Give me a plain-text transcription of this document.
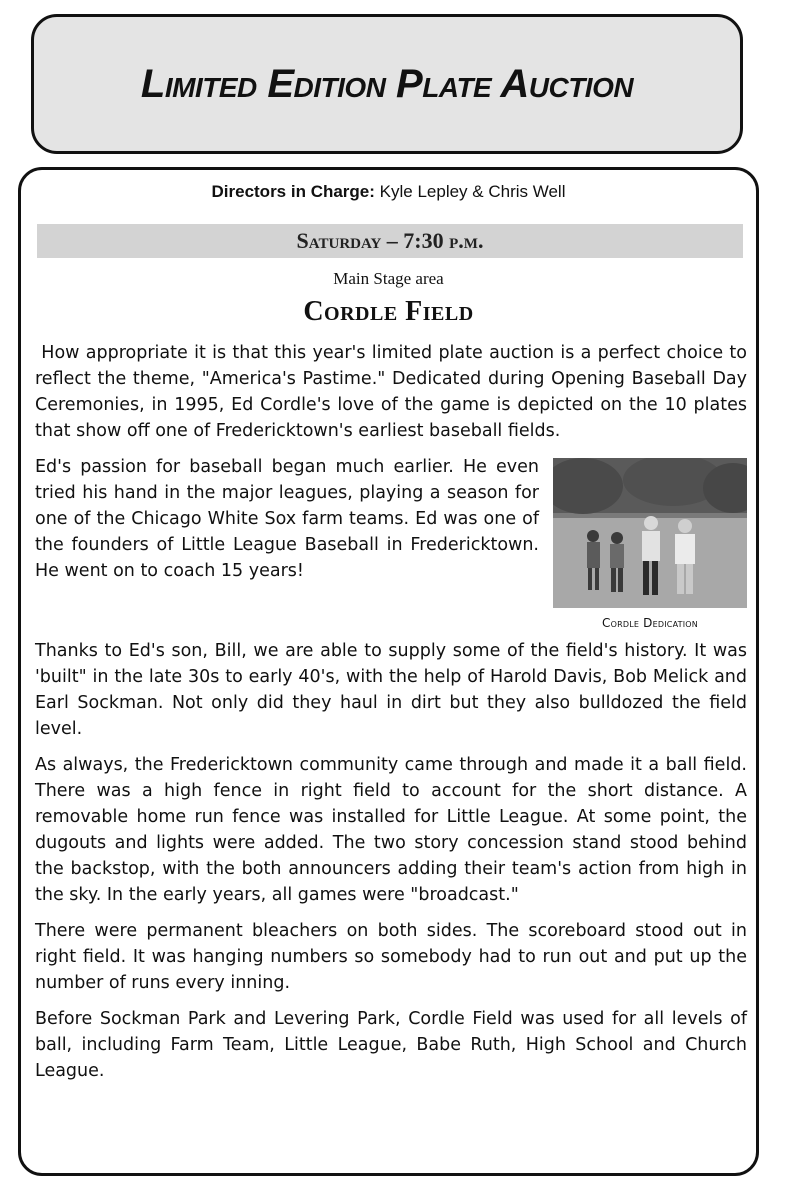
Limited Edition Plate Auction
Directors in Charge: Kyle Lepley & Chris Well
Saturday – 7:30 p.m.
Main Stage area
Cordle Field

How appropriate it is that this year's limited plate auction is a perfect choice to reflect the theme, "America's Pastime." Dedicated during Opening Baseball Day Ceremonies, in 1995, Ed Cordle's love of the game is depicted on the 10 plates that show off one of Fredericktown's earliest baseball fields.

Cordle Dedication

Ed's passion for baseball began much earlier. He even tried his hand in the major leagues, playing a season for one of the Chicago White Sox farm teams. Ed was one of the founders of Little League Baseball in Fredericktown. He went on to coach 15 years!

Thanks to Ed's son, Bill, we are able to supply some of the field's history. It was 'built" in the late 30s to early 40's, with the help of Harold Davis, Bob Melick and Earl Sockman. Not only did they haul in dirt but they also bulldozed the field level.

As always, the Fredericktown community came through and made it a ball field. There was a high fence in right field to account for the short distance. A removable home run fence was installed for Little League. At some point, the dugouts and lights were added. The two story concession stand stood behind the backstop, with the both announcers adding their team's action from high in the sky. In the early years, all games were "broadcast."

There were permanent bleachers on both sides. The scoreboard stood out in right field. It was hanging numbers so somebody had to run out and put up the number of runs every inning.

Before Sockman Park and Levering Park, Cordle Field was used for all levels of ball, including Farm Team, Little League, Babe Ruth, High School and Church League.
